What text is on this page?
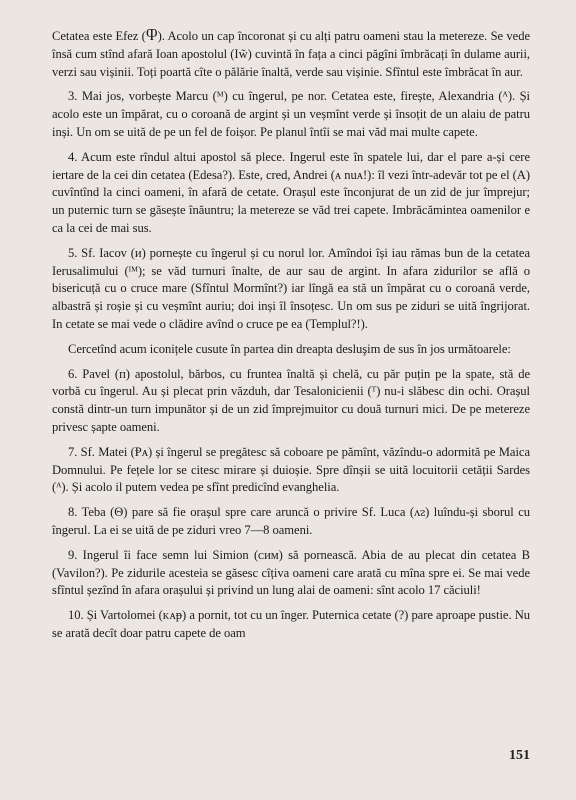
Cetatea este Efez (Ⴔ). Acolo un cap încoronat și cu alți patru oameni stau la metereze. Se vede însă cum stînd afară Ioan apostolul (Iw̃) cuvintă în fața a cinci păgîni îmbrăcați în dulame aurii, verzi sau vișinii. Toți poartă cîte o pălărie înaltă, verde sau vișinie. Sfîntul este îmbrăcat în aur.

3. Mai jos, vorbește Marcu (ᴹ) cu îngerul, pe nor. Cetatea este, firește, Alexandria (ᴬ). Și acolo este un împărat, cu o coroană de argint și un veșmînt verde și însoțit de un alaiu de patru inși. Un om se uită de pe un fel de foișor. Pe planul întîi se mai văd mai multe capete.

4. Acum este rîndul altui apostol să plece. Ingerul este în spatele lui, dar el pare a-și cere iertare de la cei din cetatea (Edesa?). Este, cred, Andrei (ᴀ nuᴀ!): îl vezi într-adevăr tot pe el (A) cuvîntînd la cinci oameni, în afară de cetate. Orașul este înconjurat de un zid de jur împrejur; un puternic turn se găsește înăuntru; la metereze se văd trei capete. Imbrăcămintea oamenilor e ca la cei de mai sus.

5. Sf. Iacov (ᴎ) pornește cu îngerul și cu norul lor. Amîndoi își iau rămas bun de la cetatea Ierusalimului (ᴵᴹ); se văd turnuri înalte, de aur sau de argint. In afara zidurilor se află o bisericuță cu o cruce mare (Sfîntul Mormînt?) iar lîngă ea stă un împărat cu o coroană verde, albastră și roșie și cu veșmînt auriu; doi inși îl însoțesc. Un om sus pe ziduri se uită îngrijorat. In cetate se mai vede o clădire avînd o cruce pe ea (Templul?!).

Cercetînd acum iconițele cusute în partea din dreapta desluşim de sus în jos următoarele:

6. Pavel (ᴨ) apostolul, bărbos, cu fruntea înaltă și chelă, cu păr puțin pe la spate, stă de vorbă cu îngerul. Au și plecat prin văzduh, dar Tesalonicienii (ᵀ) nu-i slăbesc din ochi. Orașul constă dintr-un turn impunător și de un zid împrejmuitor cu două turnuri mici. De pe metereze privesc șapte oameni.

7. Sf. Matei (Ᵽᴀ) și îngerul se pregătesc să coboare pe pămînt, văzîndu-o adormită pe Maica Domnului. Pe fețele lor se citesc mirare și duioșie. Spre dînșii se uită locuitorii cetății Sardes (ᴬ). Și acolo il putem vedea pe sfînt predicînd evanghelia.

8. Teba (Θ) pare să fie orașul spre care aruncă o privire Sf. Luca (ᴧᴤ) luîndu-și sborul cu îngerul. La ei se uită de pe ziduri vreo 7—8 oameni.

9. Ingerul îi face semn lui Simion (ᴄᴎᴍ) să pornească. Abia de au plecat din cetatea B (Vavilon?). Pe zidurile acesteia se găsesc cîțiva oameni care arată cu mîna spre ei. Se mai vede sfîntul șezînd în afara orașului și privind un lung alai de oameni: sînt acolo 17 căciuli!

10. Și Vartolomei (ᴋᴀᵽ) a pornit, tot cu un înger. Puternica cetate (?) pare aproape pustie. Nu se arată decît doar patru capete de oam

151
